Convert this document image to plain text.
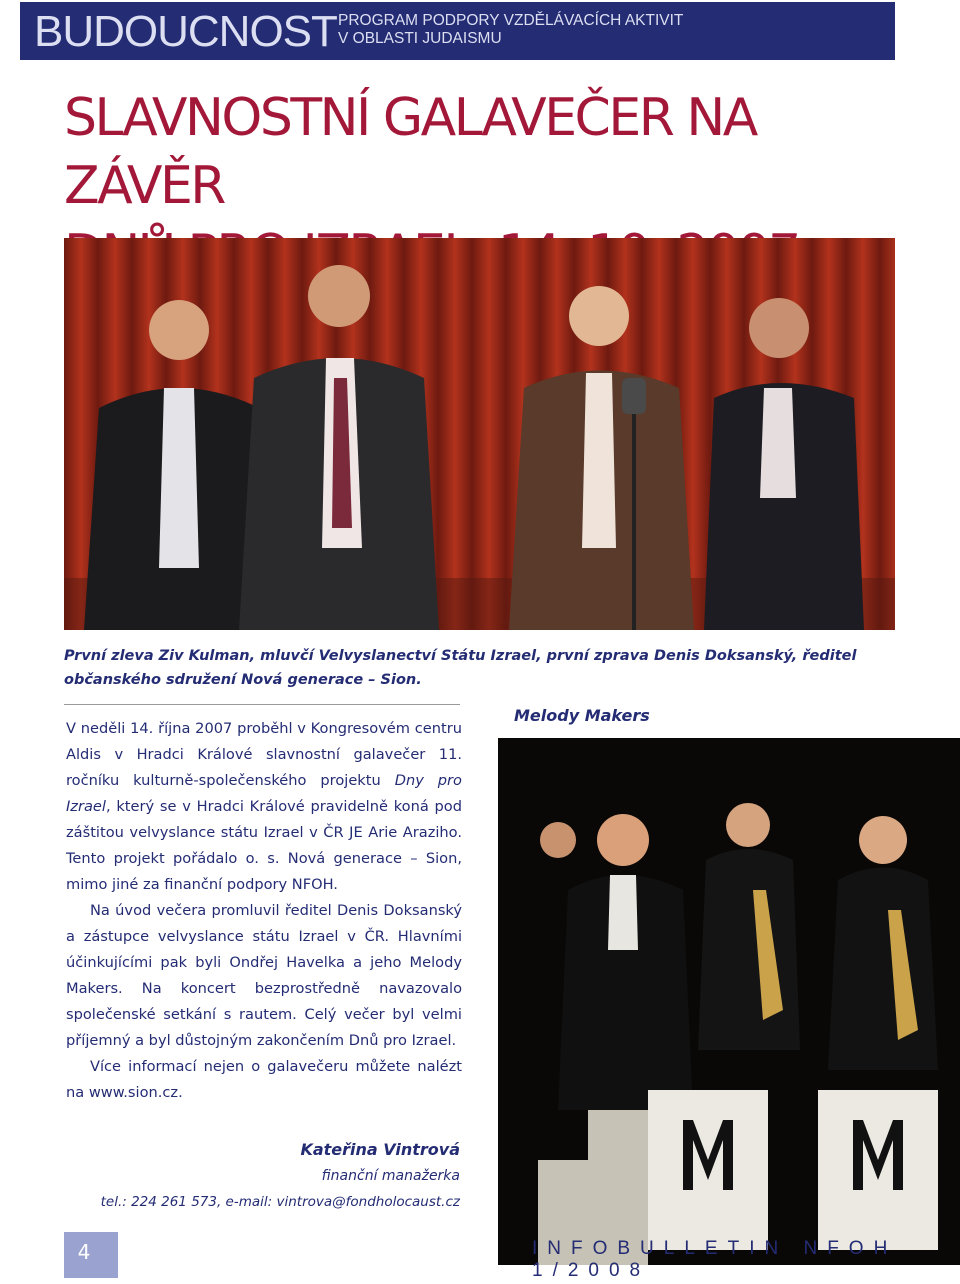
BUDOUCNOST PROGRAM PODPORY VZDĚLÁVACÍCH AKTIVIT
V OBLASTI JUDAISMU
SLAVNOSTNÍ GALAVEČER NA ZÁVĚR
První zleva Ziv Kulman, mluvčí Velvyslanectví Státu Izrael, první zprava Denis Doksanský, ředitel občanského sdružení Nová generace – Sion.

V neděli 14. října 2007 proběhl v Kongresovém centru Aldis v Hradci Králové slavnostní galavečer 11. ročníku kulturně-společenského projektu Dny pro Izrael, který se v Hradci Králové pravidelně koná pod záštitou velvyslance státu Izrael v ČR JE Arie Araziho. Tento projekt pořádalo o. s. Nová generace – Sion, mimo jiné za finanční podpory NFOH.

Na úvod večera promluvil ředitel Denis Doksanský a zástupce velvyslance státu Izrael v ČR. Hlavními účinkujícími pak byli Ondřej Havelka a jeho Melody Makers. Na koncert bezprostředně navazovalo společenské setkání s rautem. Celý večer byl velmi příjemný a byl důstojným zakončením Dnů pro Izrael.

Více informací nejen o galavečeru můžete nalézt na www.sion.cz.

Kateřina Vintrová
finanční manažerka
tel.: 224 261 573, e-mail: vintrova@fondholocaust.cz
Melody Makers
4	INFOBULLETIN NFOH 1/2008
